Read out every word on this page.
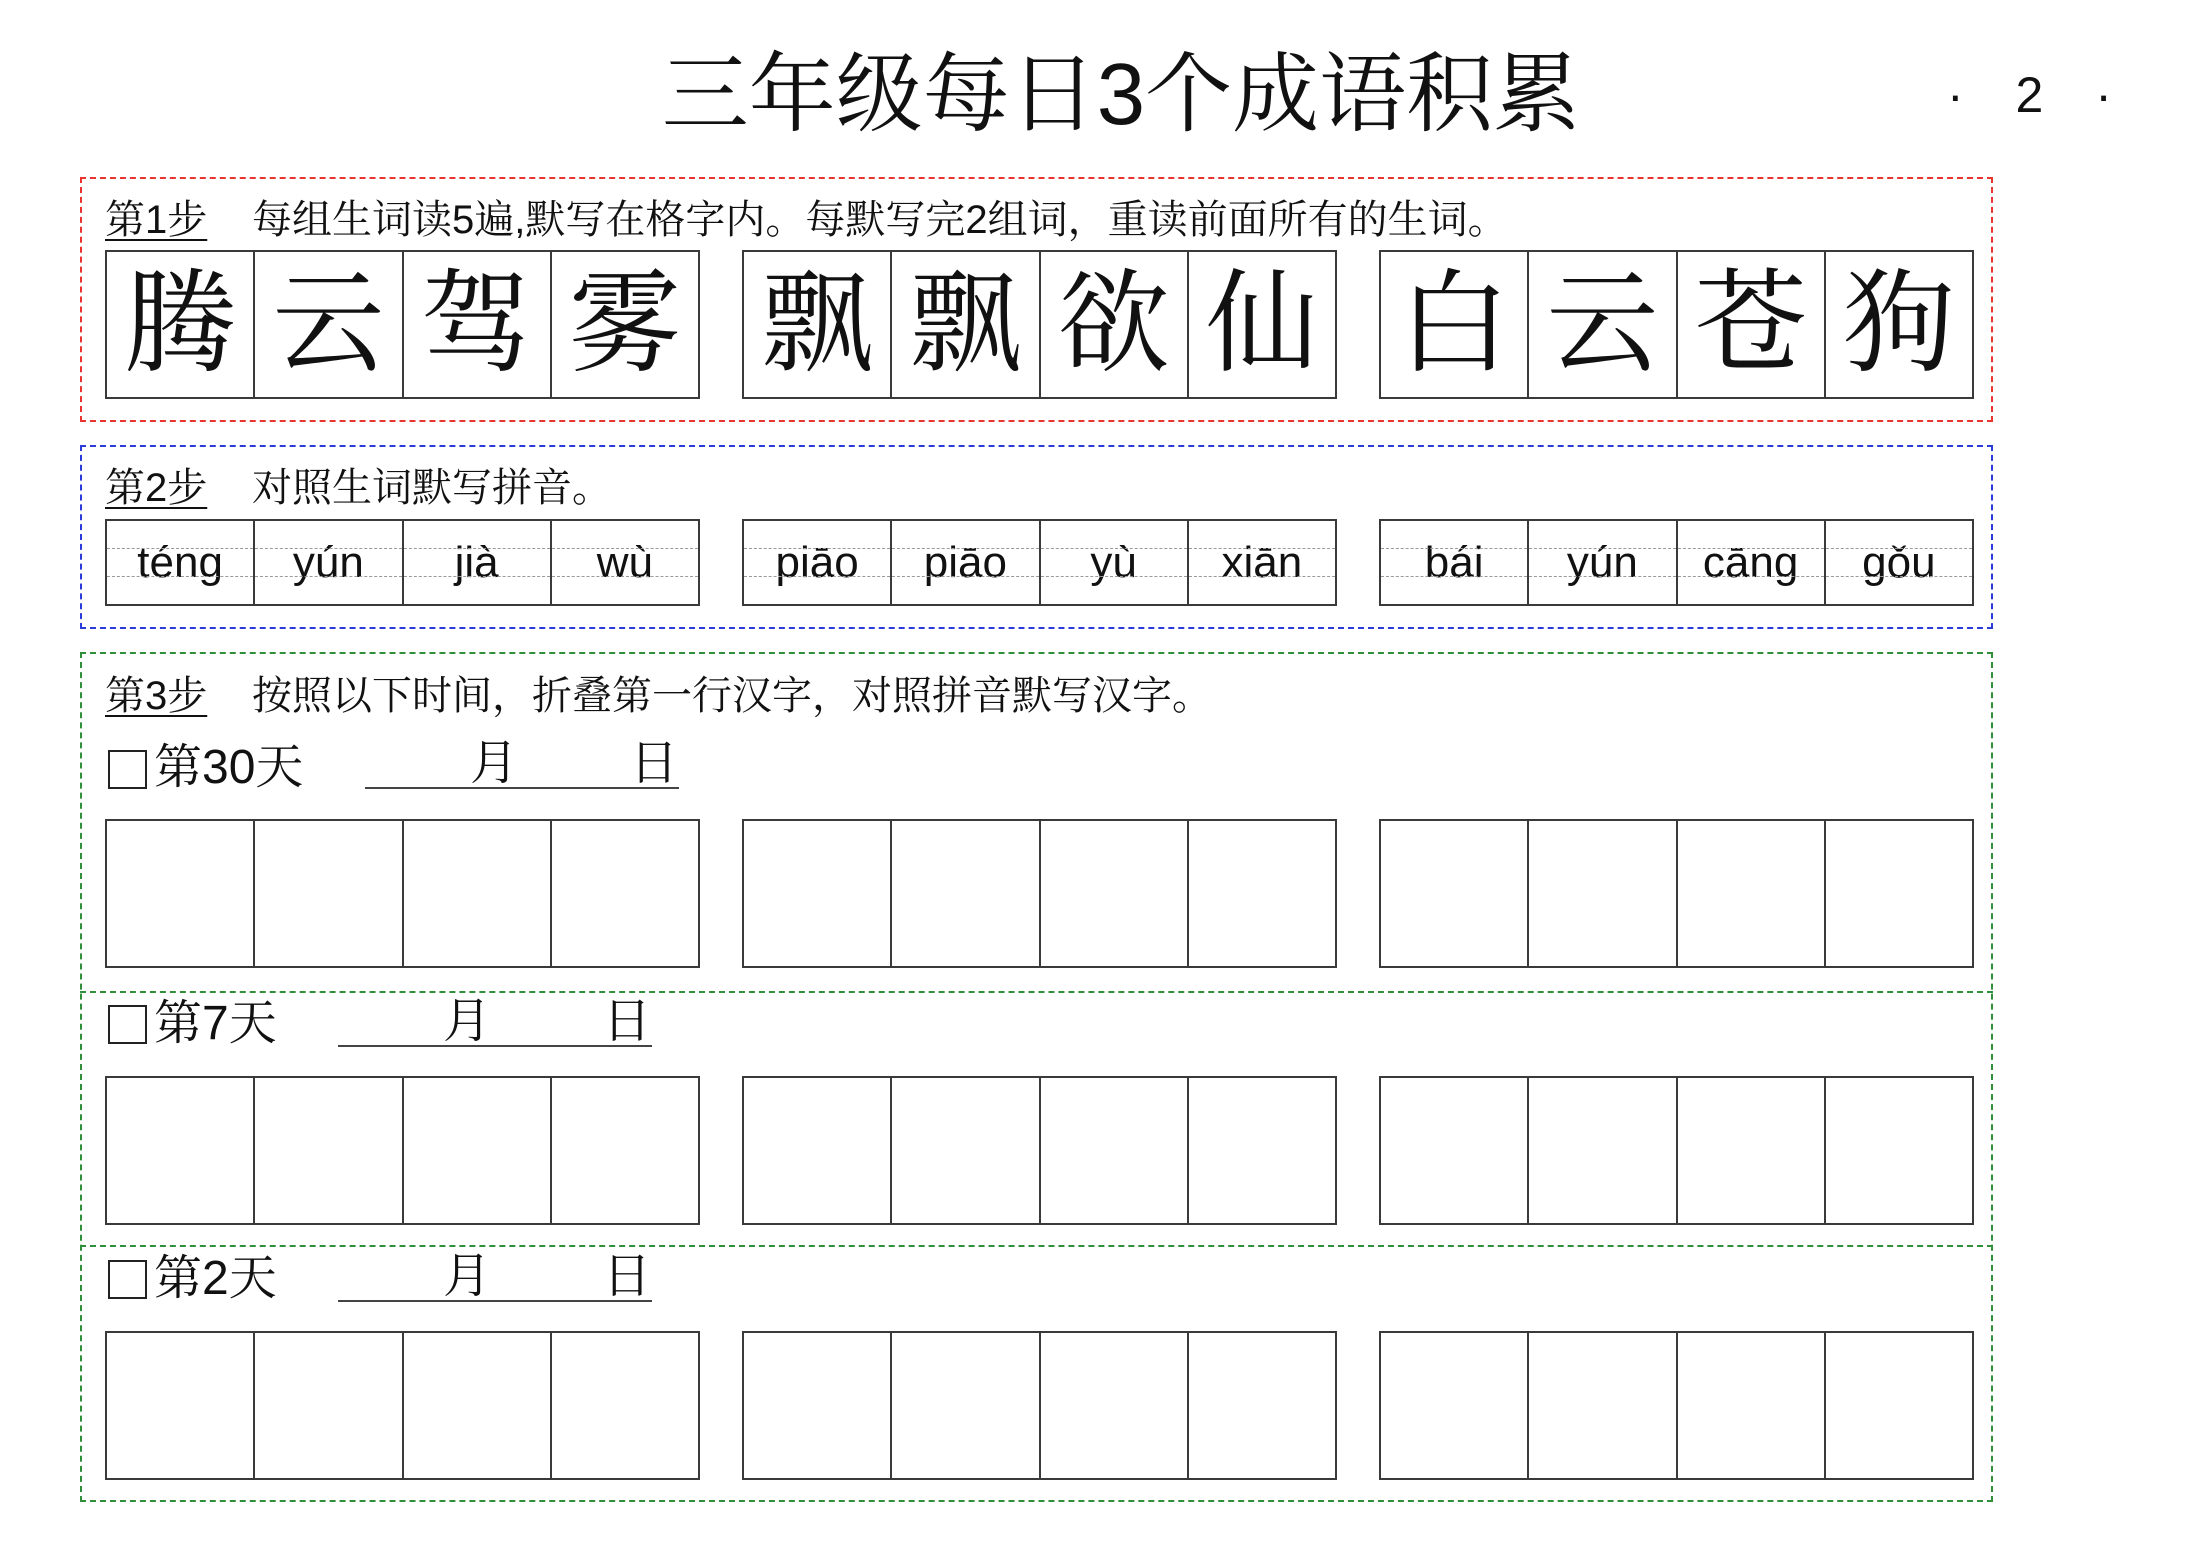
三年级每日3个成语积累	· 2 ·
第1步 每组生词读5遍,默写在格字内。每默写完2组词，重读前面所有的生词。
腾 云 驾 雾 飘 飘 欲 仙 白 云 苍 狗
第2步 对照生词默写拼音。
téng	yún	jià	wù	piāo	piāo	yù	xiān	bái	yún	cāng	gǒu
第3步 按照以下时间，折叠第一行汉字，对照拼音默写汉字。
第30天	月 日
第7天	月 日
第2天	月 日
